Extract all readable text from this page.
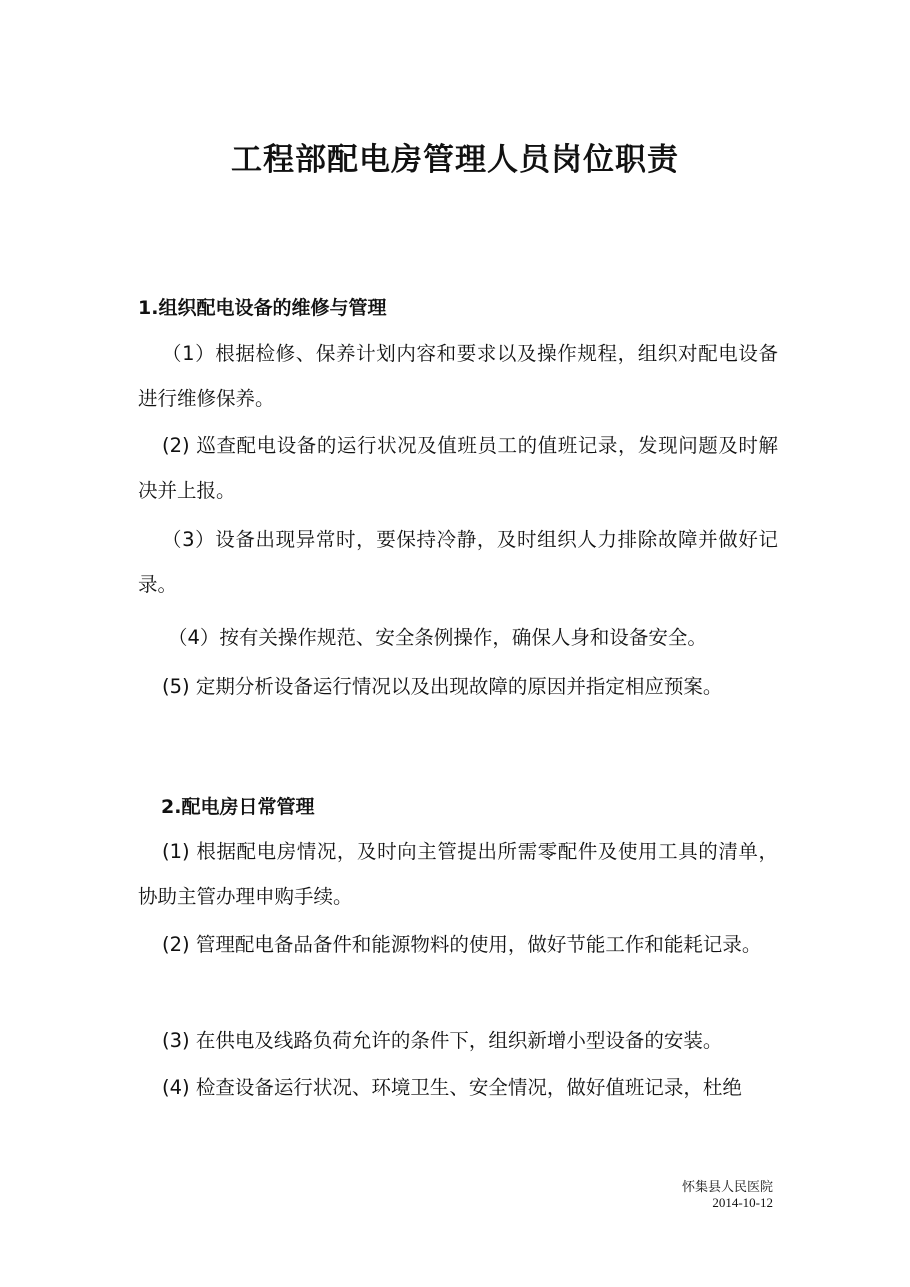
工程部配电房管理人员岗位职责
1.组织配电设备的维修与管理

（1）根据检修、保养计划内容和要求以及操作规程，组织对配电设备进行维修保养。

(2) 巡查配电设备的运行状况及值班员工的值班记录，发现问题及时解决并上报。

（3）设备出现异常时，要保持冷静，及时组织人力排除故障并做好记录。

（4）按有关操作规范、安全条例操作，确保人身和设备安全。

(5) 定期分析设备运行情况以及出现故障的原因并指定相应预案。

2.配电房日常管理

(1) 根据配电房情况，及时向主管提出所需零配件及使用工具的清单，协助主管办理申购手续。

(2) 管理配电备品备件和能源物料的使用，做好节能工作和能耗记录。

(3) 在供电及线路负荷允许的条件下，组织新增小型设备的安装。

(4) 检查设备运行状况、环境卫生、安全情况，做好值班记录，杜绝

怀集县人民医院
2014-10-12
